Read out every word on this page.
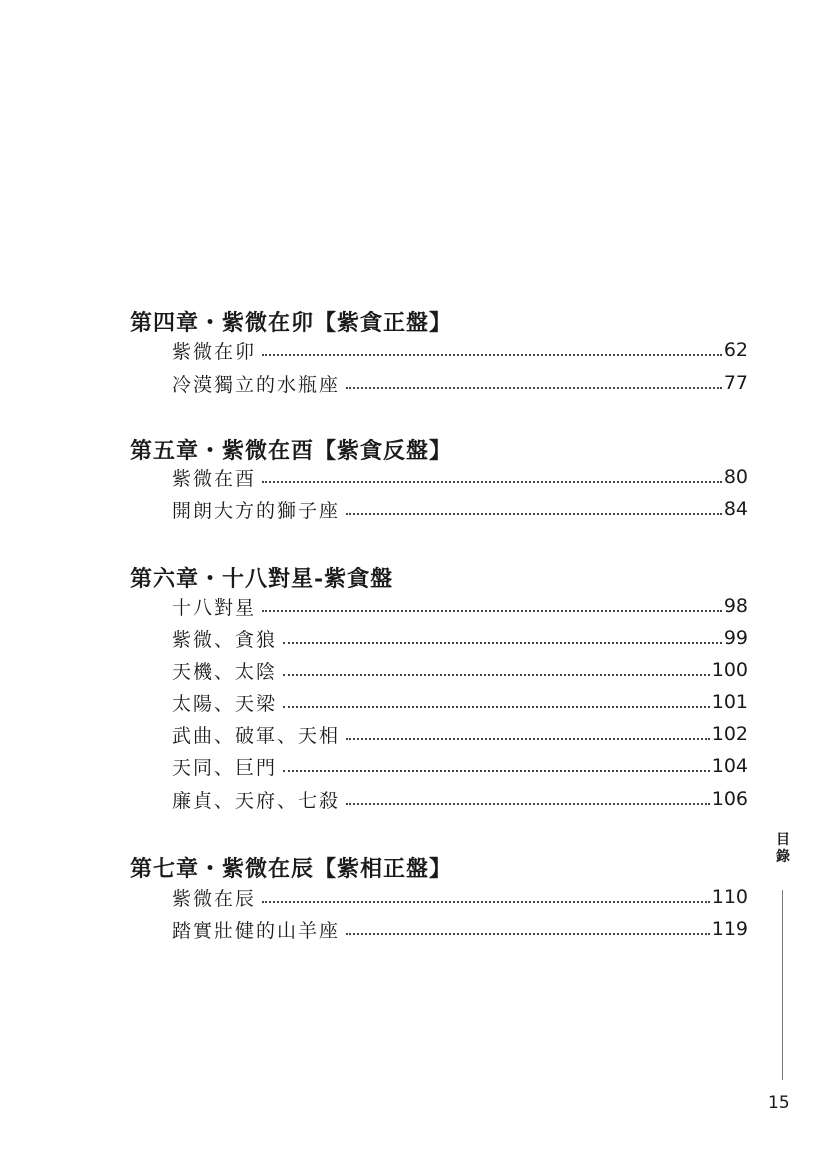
第四章・紫微在卯【紫貪正盤】
紫微在卯	62
冷漠獨立的水瓶座	77
第五章・紫微在酉【紫貪反盤】
紫微在酉	80
開朗大方的獅子座	84
第六章・十八對星-紫貪盤
十八對星	98
紫微、貪狼	99
天機、太陰	100
太陽、天梁	101
武曲、破軍、天相	102
天同、巨門	104
廉貞、天府、七殺	106
第七章・紫微在辰【紫相正盤】
紫微在辰	110
踏實壯健的山羊座	119
目
錄
15
